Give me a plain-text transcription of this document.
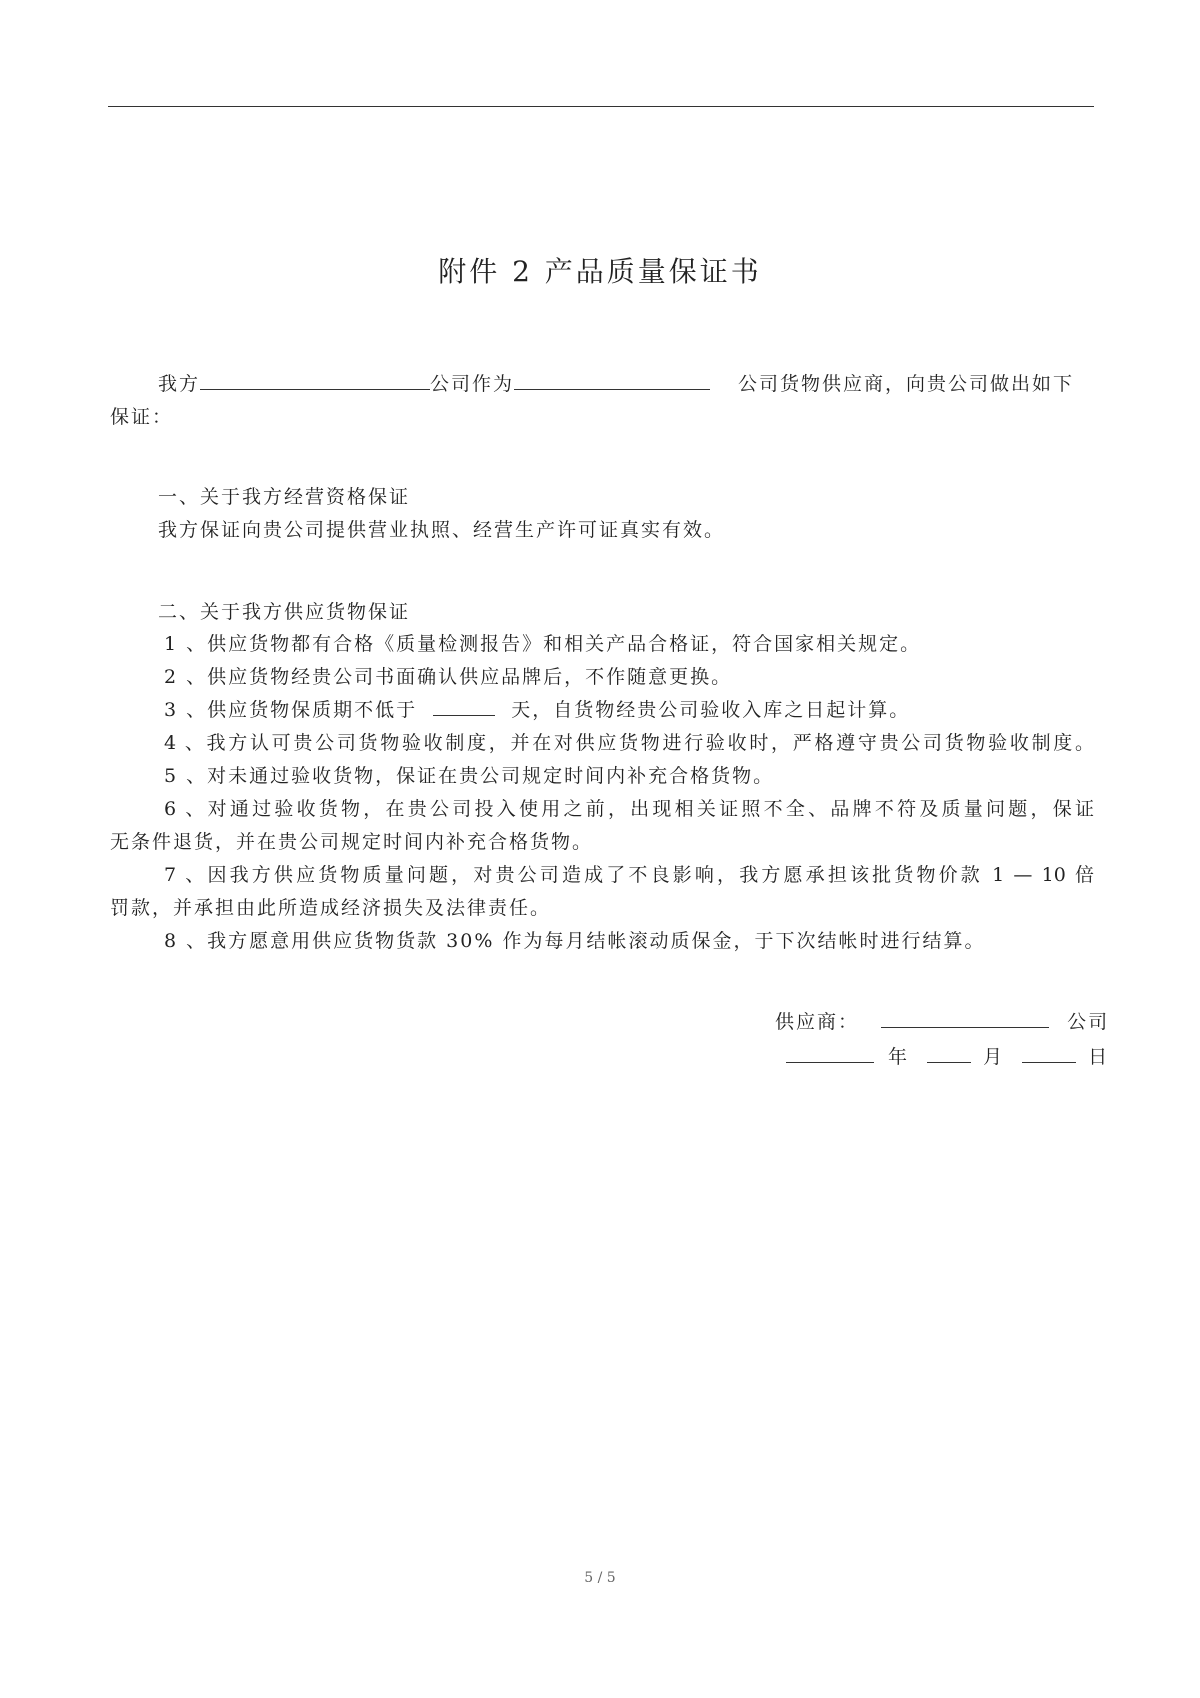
附件 2 产品质量保证书
我方	公司作为	公司货物供应商，向贵公司做出如下
保证：
一、关于我方经营资格保证
我方保证向贵公司提供营业执照、经营生产许可证真实有效。
二、关于我方供应货物保证
1 、供应货物都有合格《质量检测报告》和相关产品合格证，符合国家相关规定。
2 、供应货物经贵公司书面确认供应品牌后，不作随意更换。
3 、供应货物保质期不低于	天，自货物经贵公司验收入库之日起计算。
4 、我方认可贵公司货物验收制度，并在对供应货物进行验收时，严格遵守贵公司货物验收制度。
5 、对未通过验收货物，保证在贵公司规定时间内补充合格货物。
6 、对通过验收货物，在贵公司投入使用之前，出现相关证照不全、品牌不符及质量问题，保证
无条件退货，并在贵公司规定时间内补充合格货物。
7 、因我方供应货物质量问题，对贵公司造成了不良影响，我方愿承担该批货物价款 1 — 10 倍
罚款，并承担由此所造成经济损失及法律责任。
8 、我方愿意用供应货物货款 30% 作为每月结帐滚动质保金，于下次结帐时进行结算。
供应商：	公司
年	月	日
5 / 5
